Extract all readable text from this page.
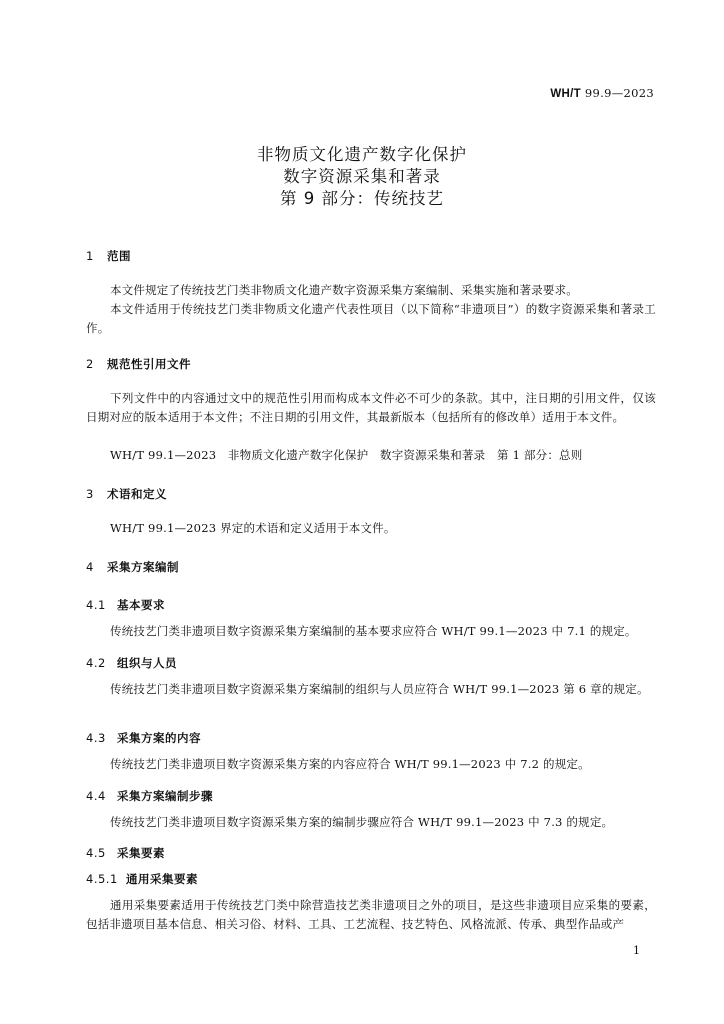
WH/T 99.9—2023
非物质文化遗产数字化保护
数字资源采集和著录
第 9 部分：传统技艺
1 范围
本文件规定了传统技艺门类非物质文化遗产数字资源采集方案编制、采集实施和著录要求。
本文件适用于传统技艺门类非物质文化遗产代表性项目（以下简称“非遗项目”）的数字资源采集和著录工作。
2 规范性引用文件
下列文件中的内容通过文中的规范性引用而构成本文件必不可少的条款。其中，注日期的引用文件，仅该日期对应的版本适用于本文件；不注日期的引用文件，其最新版本（包括所有的修改单）适用于本文件。
WH/T 99.1—2023　非物质文化遗产数字化保护　数字资源采集和著录　第 1 部分：总则
3 术语和定义
WH/T 99.1—2023 界定的术语和定义适用于本文件。
4 采集方案编制
4.1 基本要求
传统技艺门类非遗项目数字资源采集方案编制的基本要求应符合 WH/T 99.1—2023 中 7.1 的规定。
4.2 组织与人员
传统技艺门类非遗项目数字资源采集方案编制的组织与人员应符合 WH/T 99.1—2023 第 6 章的规定。
4.3 采集方案的内容
传统技艺门类非遗项目数字资源采集方案的内容应符合 WH/T 99.1—2023 中 7.2 的规定。
4.4 采集方案编制步骤
传统技艺门类非遗项目数字资源采集方案的编制步骤应符合 WH/T 99.1—2023 中 7.3 的规定。
4.5 采集要素
4.5.1 通用采集要素
通用采集要素适用于传统技艺门类中除营造技艺类非遗项目之外的项目，是这些非遗项目应采集的要素，包括非遗项目基本信息、相关习俗、材料、工具、工艺流程、技艺特色、风格流派、传承、典型作品或产
1
